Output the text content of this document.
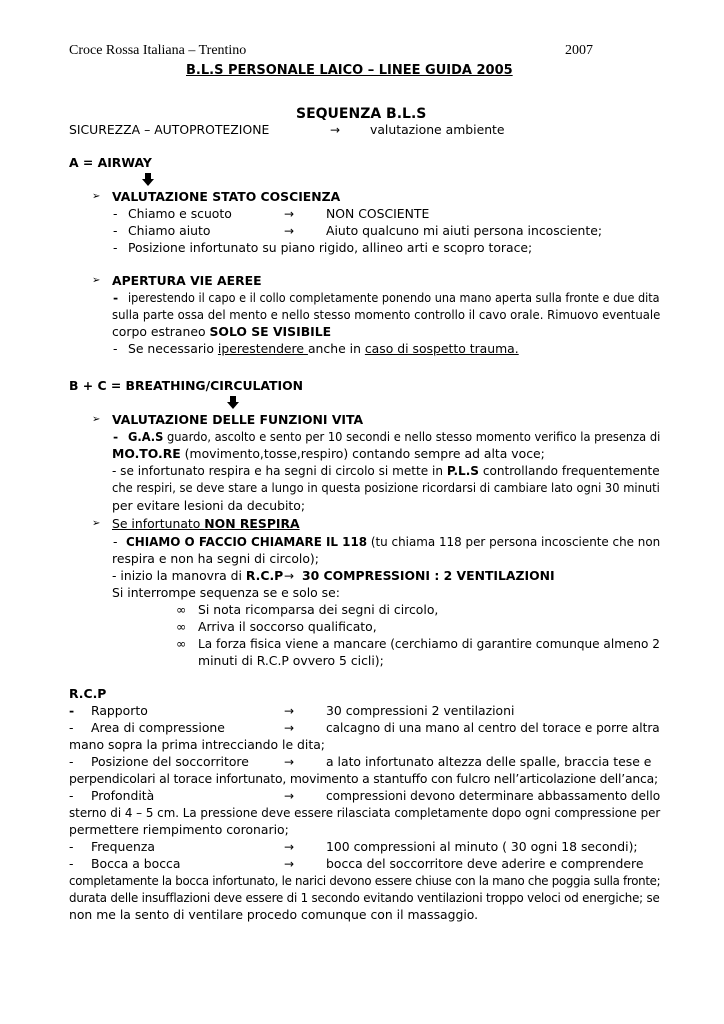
Croce Rossa Italiana – Trentino	2007
B.L.S PERSONALE LAICO – LINEE GUIDA 2005
SEQUENZA B.L.S
SICUREZZA – AUTOPROTEZIONE	→ valutazione ambiente
A = AIRWAY
➢ VALUTAZIONE STATO COSCIENZA
- Chiamo e scuoto	→	NON COSCIENTE
- Chiamo aiuto	→	Aiuto qualcuno mi aiuti persona incosciente;
- Posizione infortunato su piano rigido, allineo arti e scopro torace;
➢ APERTURA VIE AEREE
- iperestendo il capo e il collo completamente ponendo una mano aperta sulla fronte e due dita
sulla parte ossa del mento e nello stesso momento controllo il cavo orale. Rimuovo eventuale
corpo estraneo SOLO SE VISIBILE
- Se necessario iperestendere anche in caso di sospetto trauma.
B + C = BREATHING/CIRCULATION
➢ VALUTAZIONE DELLE FUNZIONI VITA
- G.A.S guardo, ascolto e sento per 10 secondi e nello stesso momento verifico la presenza di
MO.TO.RE (movimento,tosse,respiro) contando sempre ad alta voce;
- se infortunato respira e ha segni di circolo si mette in P.L.S controllando frequentemente
che respiri, se deve stare a lungo in questa posizione ricordarsi di cambiare lato ogni 30 minuti
per evitare lesioni da decubito;
➢ Se infortunato NON RESPIRA
- CHIAMO O FACCIO CHIAMARE IL 118 (tu chiama 118 per persona incosciente che non
respira e non ha segni di circolo);
- inizio la manovra di R.C.P → 30 COMPRESSIONI : 2 VENTILAZIONI
Si interrompe sequenza se e solo se:
∞ Si nota ricomparsa dei segni di circolo,
∞ Arriva il soccorso qualificato,
∞ La forza fisica viene a mancare (cerchiamo di garantire comunque almeno 2
minuti di R.C.P ovvero 5 cicli);
R.C.P
- Rapporto	→	30 compressioni 2 ventilazioni
- Area di compressione	→	calcagno di una mano al centro del torace e porre altra
mano sopra la prima intrecciando le dita;
- Posizione del soccorritore	→	a lato infortunato altezza delle spalle, braccia tese e
perpendicolari al torace infortunato, movimento a stantuffo con fulcro nell’articolazione dell’anca;
- Profondità	→	compressioni devono determinare abbassamento dello
sterno di 4 – 5 cm. La pressione deve essere rilasciata completamente dopo ogni compressione per
permettere riempimento coronario;
- Frequenza	→	100 compressioni al minuto ( 30 ogni 18 secondi);
- Bocca a bocca	→	bocca del soccorritore deve aderire e comprendere
completamente la bocca infortunato, le narici devono essere chiuse con la mano che poggia sulla fronte;
durata delle insufflazioni deve essere di 1 secondo evitando ventilazioni troppo veloci od energiche; se
non me la sento di ventilare procedo comunque con il massaggio.
